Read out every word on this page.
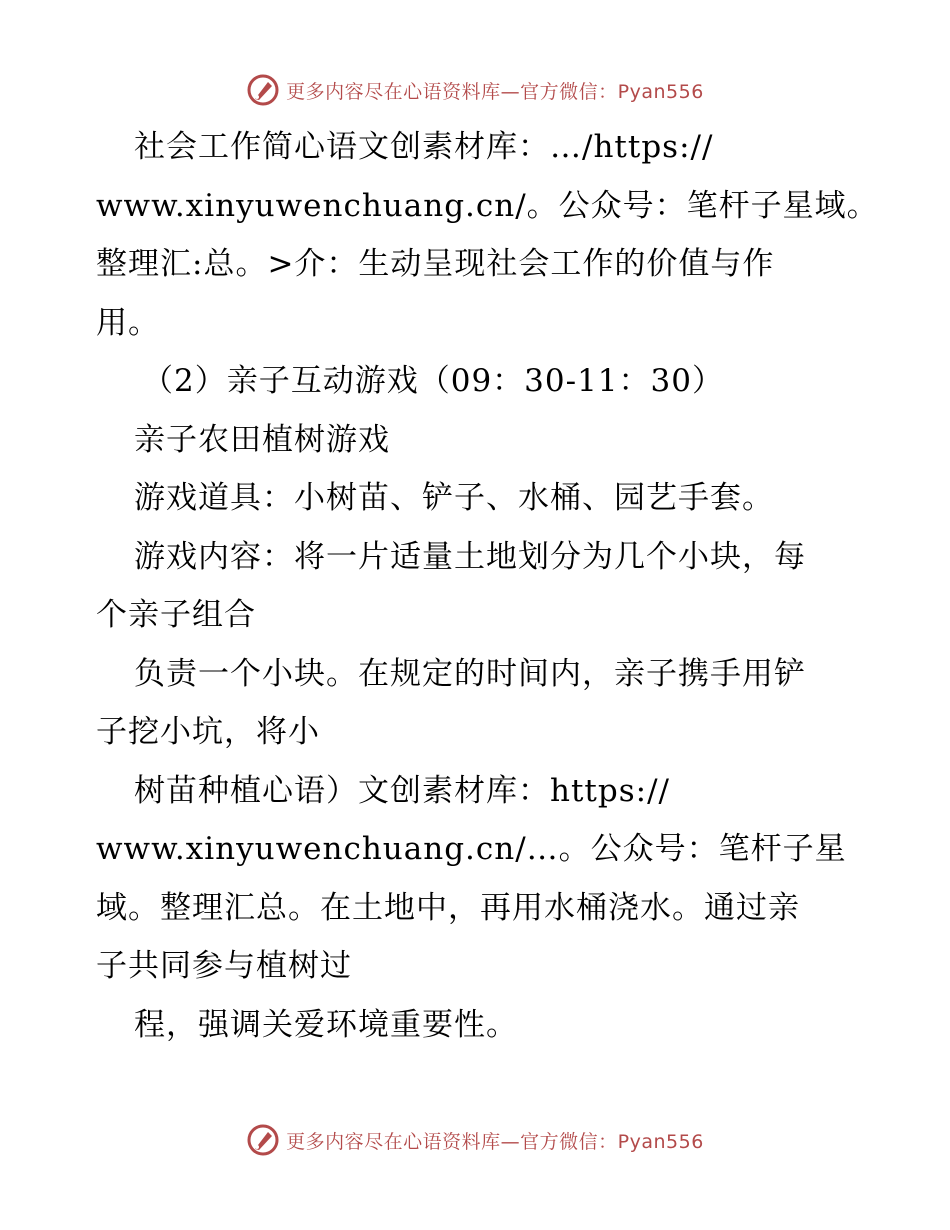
更多内容尽在心语资料库—官方微信：Pyan556

社会工作简心语文创素材库：…/https://

www.xinyuwenchuang.cn/。公众号：笔杆子星域。

整理汇:总。>介：生动呈现社会工作的价值与作

用。

（2）亲子互动游戏（09：30-11：30）

亲子农田植树游戏

游戏道具：小树苗、铲子、水桶、园艺手套。

游戏内容：将一片适量土地划分为几个小块，每

个亲子组合

负责一个小块。在规定的时间内，亲子携手用铲

子挖小坑，将小

树苗种植心语）文创素材库：https://

www.xinyuwenchuang.cn/…。公众号：笔杆子星

域。整理汇总。在土地中，再用水桶浇水。通过亲

子共同参与植树过

程，强调关爱环境重要性。

更多内容尽在心语资料库—官方微信：Pyan556
